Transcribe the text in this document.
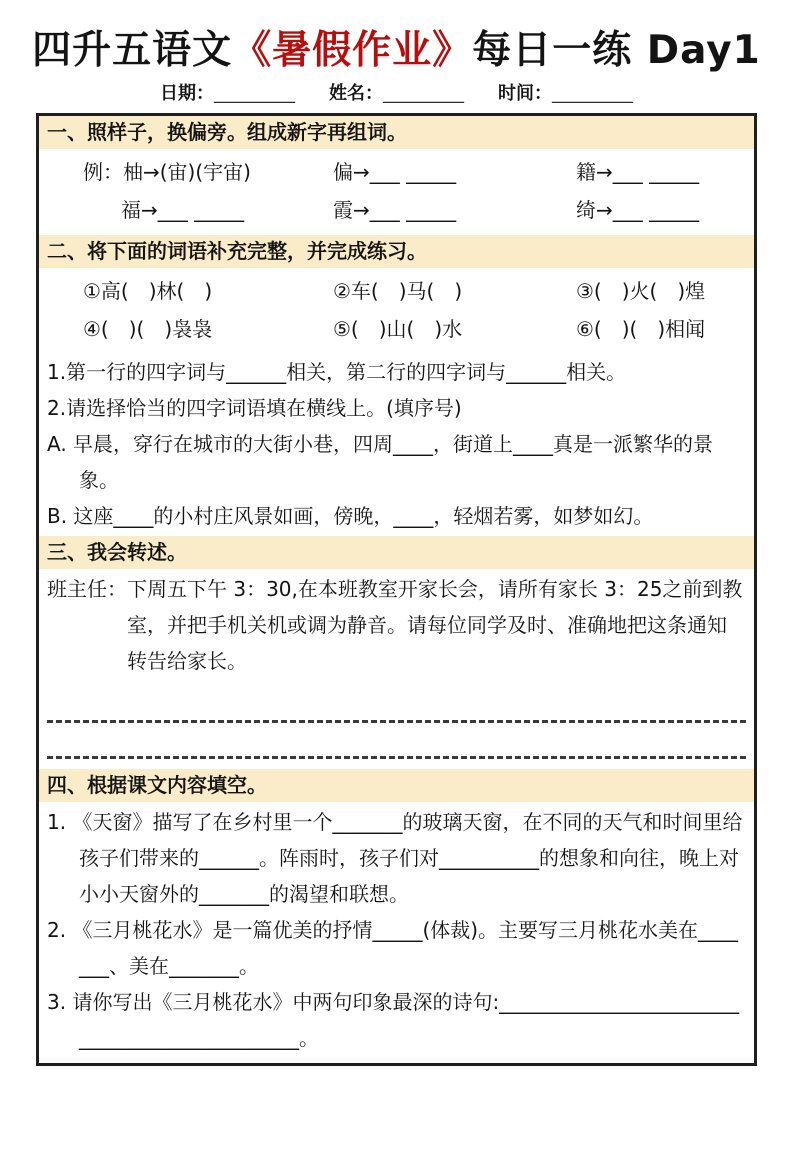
四升五语文《暑假作业》每日一练 Day1
日期：_________ 姓名：_________ 时间：_________
一、照样子，换偏旁。组成新字再组词。
例：柚→(宙)(宇宙)	偏→___ _____	籍→___ _____
福→___ _____	霞→___ _____	绮→___ _____
二、将下面的词语补充完整，并完成练习。
①高(　)林(　)	②车(　)马(　)	③(　)火(　)煌
④(　)(　)袅袅	⑤(　)山(　)水	⑥(　)(　)相闻

1.第一行的四字词与______相关，第二行的四字词与______相关。

2.请选择恰当的四字词语填在横线上。(填序号)

A. 早晨，穿行在城市的大街小巷，四周____，街道上____真是一派繁华的景象。

B. 这座____的小村庄风景如画，傍晚，____，轻烟若雾，如梦如幻。

三、我会转述。

班主任：下周五下午 3：30,在本班教室开家长会，请所有家长 3：25之前到教室，并把手机关机或调为静音。请每位同学及时、准确地把这条通知转告给家长。

四、根据课文内容填空。

1. 《天窗》描写了在乡村里一个_______的玻璃天窗，在不同的天气和时间里给孩子们带来的______。阵雨时，孩子们对__________的想象和向往，晚上对小小天窗外的_______的渴望和联想。

2. 《三月桃花水》是一篇优美的抒情_____(体裁)。主要写三月桃花水美在_______、美在_______。

3. 请你写出《三月桃花水》中两句印象最深的诗句:______________________________________________。
